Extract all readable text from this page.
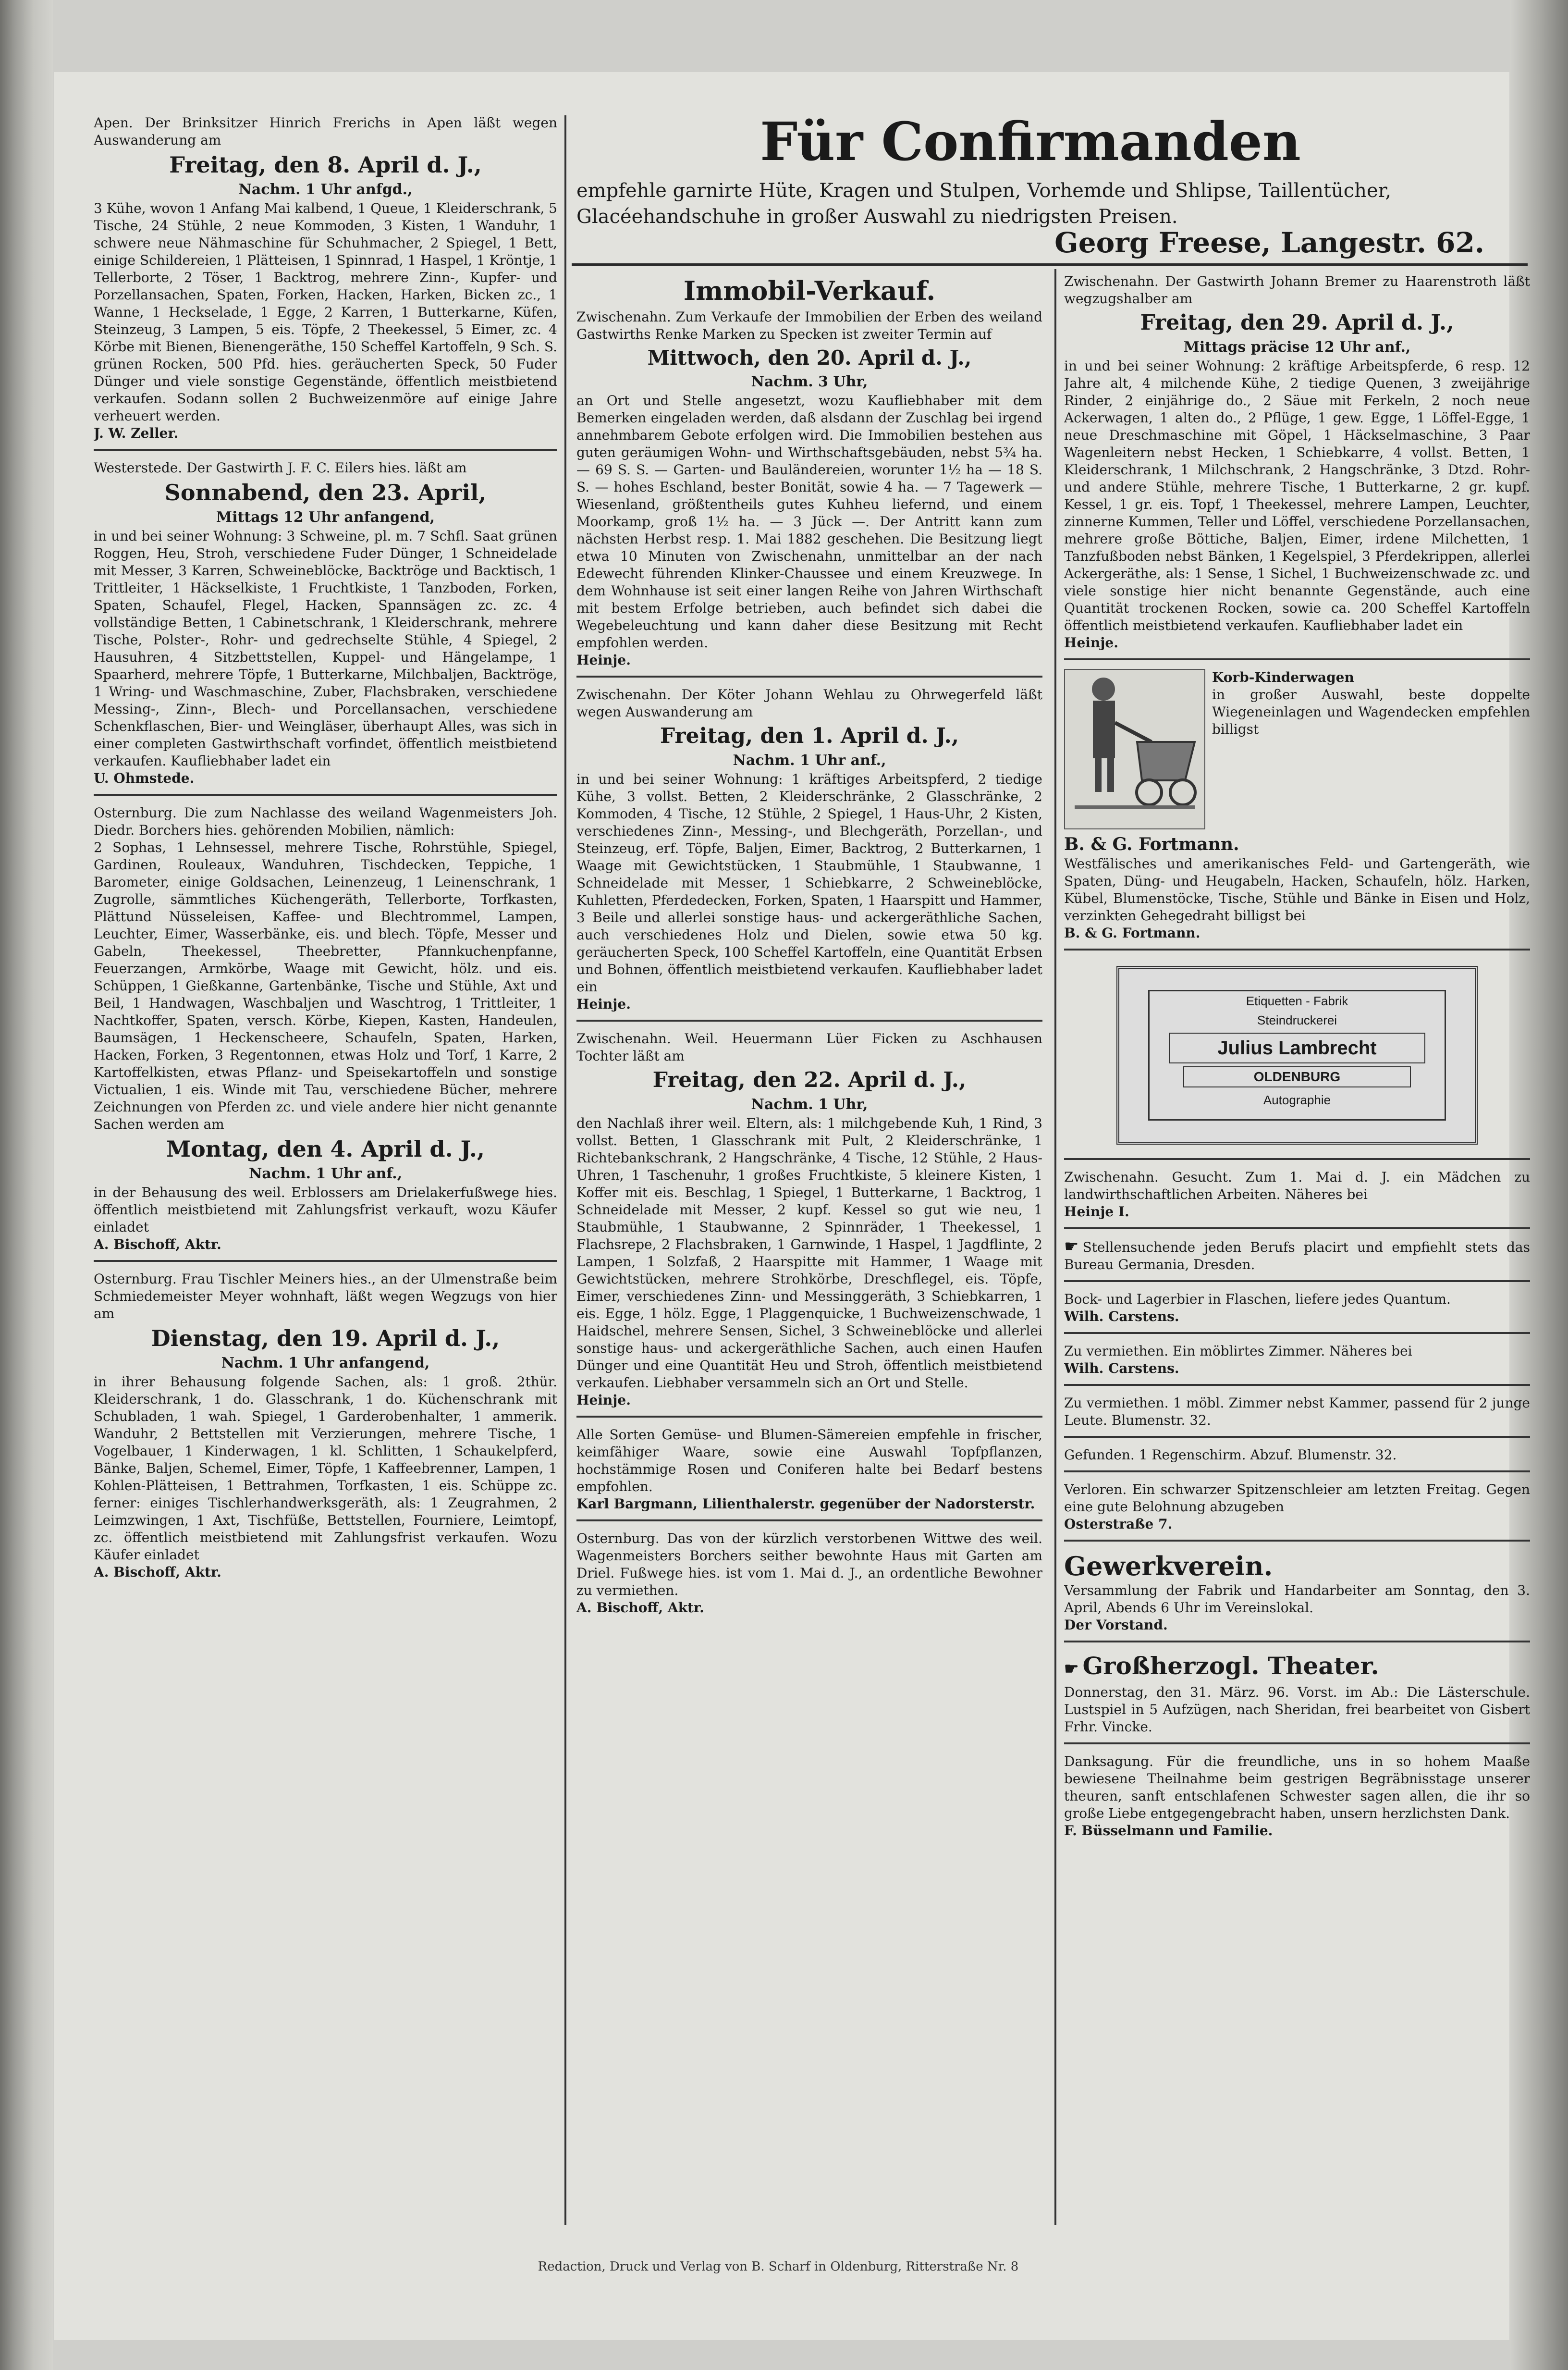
Für Confirmanden

empfehle garnirte Hüte, Kragen und Stulpen, Vorhemde und Shlipse, Taillentücher, Glacéehandschuhe in großer Auswahl zu niedrigsten Preisen.

Georg Freese, Langestr. 62.

Apen. Der Brinksitzer Hinrich Frerichs in Apen läßt wegen Auswanderung am

Freitag, den 8. April d. J.,
Nachm. 1 Uhr anfgd.,

3 Kühe, wovon 1 Anfang Mai kalbend, 1 Queue, 1 Kleiderschrank, 5 Tische, 24 Stühle, 2 neue Kommoden, 3 Kisten, 1 Wanduhr, 1 schwere neue Nähmaschine für Schuhmacher, 2 Spiegel, 1 Bett, einige Schildereien, 1 Plätteisen, 1 Spinnrad, 1 Haspel, 1 Kröntje, 1 Tellerborte, 2 Töser, 1 Backtrog, mehrere Zinn-, Kupfer- und Porzellansachen, Spaten, Forken, Hacken, Harken, Bicken zc., 1 Wanne, 1 Heckselade, 1 Egge, 2 Karren, 1 Butterkarne, Küfen, Steinzeug, 3 Lampen, 5 eis. Töpfe, 2 Theekessel, 5 Eimer, zc. 4 Körbe mit Bienen, Bienengeräthe, 150 Scheffel Kartoffeln, 9 Sch. S. grünen Rocken, 500 Pfd. hies. geräucherten Speck, 50 Fuder Dünger und viele sonstige Gegenstände, öffentlich meistbietend verkaufen. Sodann sollen 2 Buchweizenmöre auf einige Jahre verheuert werden.

J. W. Zeller.

Westerstede. Der Gastwirth J. F. C. Eilers hies. läßt am

Sonnabend, den 23. April,
Mittags 12 Uhr anfangend,

in und bei seiner Wohnung: 3 Schweine, pl. m. 7 Schfl. Saat grünen Roggen, Heu, Stroh, verschiedene Fuder Dünger, 1 Schneidelade mit Messer, 3 Karren, Schweineblöcke, Backtröge und Backtisch, 1 Trittleiter, 1 Häckselkiste, 1 Fruchtkiste, 1 Tanzboden, Forken, Spaten, Schaufel, Flegel, Hacken, Spannsägen zc. zc. 4 vollständige Betten, 1 Cabinetschrank, 1 Kleiderschrank, mehrere Tische, Polster-, Rohr- und gedrechselte Stühle, 4 Spiegel, 2 Hausuhren, 4 Sitzbettstellen, Kuppel- und Hängelampe, 1 Spaarherd, mehrere Töpfe, 1 Butterkarne, Milchbaljen, Backtröge, 1 Wring- und Waschmaschine, Zuber, Flachsbraken, verschiedene Messing-, Zinn-, Blech- und Porcellansachen, verschiedene Schenkflaschen, Bier- und Weingläser, überhaupt Alles, was sich in einer completen Gastwirthschaft vorfindet, öffentlich meistbietend verkaufen. Kaufliebhaber ladet ein

U. Ohmstede.

Osternburg. Die zum Nachlasse des weiland Wagenmeisters Joh. Diedr. Borchers hies. gehörenden Mobilien, nämlich:

2 Sophas, 1 Lehnsessel, mehrere Tische, Rohrstühle, Spiegel, Gardinen, Rouleaux, Wanduhren, Tischdecken, Teppiche, 1 Barometer, einige Goldsachen, Leinenzeug, 1 Leinenschrank, 1 Zugrolle, sämmtliches Küchengeräth, Tellerborte, Torfkasten, Plättund Nüsseleisen, Kaffee- und Blechtrommel, Lampen, Leuchter, Eimer, Wasserbänke, eis. und blech. Töpfe, Messer und Gabeln, Theekessel, Theebretter, Pfannkuchenpfanne, Feuerzangen, Armkörbe, Waage mit Gewicht, hölz. und eis. Schüppen, 1 Gießkanne, Gartenbänke, Tische und Stühle, Axt und Beil, 1 Handwagen, Waschbaljen und Waschtrog, 1 Trittleiter, 1 Nachtkoffer, Spaten, versch. Körbe, Kiepen, Kasten, Handeulen, Baumsägen, 1 Heckenscheere, Schaufeln, Spaten, Harken, Hacken, Forken, 3 Regentonnen, etwas Holz und Torf, 1 Karre, 2 Kartoffelkisten, etwas Pflanz- und Speisekartoffeln und sonstige Victualien, 1 eis. Winde mit Tau, verschiedene Bücher, mehrere Zeichnungen von Pferden zc. und viele andere hier nicht genannte Sachen werden am

Montag, den 4. April d. J.,
Nachm. 1 Uhr anf.,

in der Behausung des weil. Erblossers am Drielakerfußwege hies. öffentlich meistbietend mit Zahlungsfrist verkauft, wozu Käufer einladet

A. Bischoff, Aktr.

Osternburg. Frau Tischler Meiners hies., an der Ulmenstraße beim Schmiedemeister Meyer wohnhaft, läßt wegen Wegzugs von hier am

Dienstag, den 19. April d. J.,
Nachm. 1 Uhr anfangend,

in ihrer Behausung folgende Sachen, als: 1 groß. 2thür. Kleiderschrank, 1 do. Glasschrank, 1 do. Küchenschrank mit Schubladen, 1 wah. Spiegel, 1 Garderobenhalter, 1 ammerik. Wanduhr, 2 Bettstellen mit Verzierungen, mehrere Tische, 1 Vogelbauer, 1 Kinderwagen, 1 kl. Schlitten, 1 Schaukelpferd, Bänke, Baljen, Schemel, Eimer, Töpfe, 1 Kaffeebrenner, Lampen, 1 Kohlen-Plätteisen, 1 Bettrahmen, Torfkasten, 1 eis. Schüppe zc. ferner: einiges Tischlerhandwerksgeräth, als: 1 Zeugrahmen, 2 Leimzwingen, 1 Axt, Tischfüße, Bettstellen, Fourniere, Leimtopf, zc. öffentlich meistbietend mit Zahlungsfrist verkaufen. Wozu Käufer einladet

A. Bischoff, Aktr.

Immobil-Verkauf.

Zwischenahn. Zum Verkaufe der Immobilien der Erben des weiland Gastwirths Renke Marken zu Specken ist zweiter Termin auf

Mittwoch, den 20. April d. J.,
Nachm. 3 Uhr,

an Ort und Stelle angesetzt, wozu Kaufliebhaber mit dem Bemerken eingeladen werden, daß alsdann der Zuschlag bei irgend annehmbarem Gebote erfolgen wird. Die Immobilien bestehen aus guten geräumigen Wohn- und Wirthschaftsgebäuden, nebst 5¾ ha. — 69 S. S. — Garten- und Bauländereien, worunter 1½ ha — 18 S. S. — hohes Eschland, bester Bonität, sowie 4 ha. — 7 Tagewerk — Wiesenland, größtentheils gutes Kuhheu liefernd, und einem Moorkamp, groß 1½ ha. — 3 Jück —. Der Antritt kann zum nächsten Herbst resp. 1. Mai 1882 geschehen. Die Besitzung liegt etwa 10 Minuten von Zwischenahn, unmittelbar an der nach Edewecht führenden Klinker-Chaussee und einem Kreuzwege. In dem Wohnhause ist seit einer langen Reihe von Jahren Wirthschaft mit bestem Erfolge betrieben, auch befindet sich dabei die Wegebeleuchtung und kann daher diese Besitzung mit Recht empfohlen werden.

Heinje.

Zwischenahn. Der Köter Johann Wehlau zu Ohrwegerfeld läßt wegen Auswanderung am

Freitag, den 1. April d. J.,
Nachm. 1 Uhr anf.,

in und bei seiner Wohnung: 1 kräftiges Arbeitspferd, 2 tiedige Kühe, 3 vollst. Betten, 2 Kleiderschränke, 2 Glasschränke, 2 Kommoden, 4 Tische, 12 Stühle, 2 Spiegel, 1 Haus-Uhr, 2 Kisten, verschiedenes Zinn-, Messing-, und Blechgeräth, Porzellan-, und Steinzeug, erf. Töpfe, Baljen, Eimer, Backtrog, 2 Butterkarnen, 1 Waage mit Gewichtstücken, 1 Staubmühle, 1 Staubwanne, 1 Schneidelade mit Messer, 1 Schiebkarre, 2 Schweineblöcke, Kuhletten, Pferdedecken, Forken, Spaten, 1 Haarspitt und Hammer, 3 Beile und allerlei sonstige haus- und ackergeräthliche Sachen, auch verschiedenes Holz und Dielen, sowie etwa 50 kg. geräucherten Speck, 100 Scheffel Kartoffeln, eine Quantität Erbsen und Bohnen, öffentlich meistbietend verkaufen. Kaufliebhaber ladet ein

Heinje.

Zwischenahn. Weil. Heuermann Lüer Ficken zu Aschhausen Tochter läßt am

Freitag, den 22. April d. J.,
Nachm. 1 Uhr,

den Nachlaß ihrer weil. Eltern, als: 1 milchgebende Kuh, 1 Rind, 3 vollst. Betten, 1 Glasschrank mit Pult, 2 Kleiderschränke, 1 Richtebankschrank, 2 Hangschränke, 4 Tische, 12 Stühle, 2 Haus-Uhren, 1 Taschenuhr, 1 großes Fruchtkiste, 5 kleinere Kisten, 1 Koffer mit eis. Beschlag, 1 Spiegel, 1 Butterkarne, 1 Backtrog, 1 Schneidelade mit Messer, 2 kupf. Kessel so gut wie neu, 1 Staubmühle, 1 Staubwanne, 2 Spinnräder, 1 Theekessel, 1 Flachsrepe, 2 Flachsbraken, 1 Garnwinde, 1 Haspel, 1 Jagdflinte, 2 Lampen, 1 Solzfaß, 2 Haarspitte mit Hammer, 1 Waage mit Gewichtstücken, mehrere Strohkörbe, Dreschflegel, eis. Töpfe, Eimer, verschiedenes Zinn- und Messinggeräth, 3 Schiebkarren, 1 eis. Egge, 1 hölz. Egge, 1 Plaggenquicke, 1 Buchweizenschwade, 1 Haidschel, mehrere Sensen, Sichel, 3 Schweineblöcke und allerlei sonstige haus- und ackergeräthliche Sachen, auch einen Haufen Dünger und eine Quantität Heu und Stroh, öffentlich meistbietend verkaufen. Liebhaber versammeln sich an Ort und Stelle.

Heinje.

Alle Sorten Gemüse- und Blumen-Sämereien empfehle in frischer, keimfähiger Waare, sowie eine Auswahl Topfpflanzen, hochstämmige Rosen und Coniferen halte bei Bedarf bestens empfohlen.

Karl Bargmann, Lilienthalerstr. gegenüber der Nadorsterstr.

Osternburg. Das von der kürzlich verstorbenen Wittwe des weil. Wagenmeisters Borchers seither bewohnte Haus mit Garten am Driel. Fußwege hies. ist vom 1. Mai d. J., an ordentliche Bewohner zu vermiethen.

A. Bischoff, Aktr.

Zwischenahn. Der Gastwirth Johann Bremer zu Haarenstroth läßt wegzugshalber am

Freitag, den 29. April d. J.,
Mittags präcise 12 Uhr anf.,

in und bei seiner Wohnung: 2 kräftige Arbeitspferde, 6 resp. 12 Jahre alt, 4 milchende Kühe, 2 tiedige Quenen, 3 zweijährige Rinder, 2 einjährige do., 2 Säue mit Ferkeln, 2 noch neue Ackerwagen, 1 alten do., 2 Pflüge, 1 gew. Egge, 1 Löffel-Egge, 1 neue Dreschmaschine mit Göpel, 1 Häckselmaschine, 3 Paar Wagenleitern nebst Hecken, 1 Schiebkarre, 4 vollst. Betten, 1 Kleiderschrank, 1 Milchschrank, 2 Hangschränke, 3 Dtzd. Rohr- und andere Stühle, mehrere Tische, 1 Butterkarne, 2 gr. kupf. Kessel, 1 gr. eis. Topf, 1 Theekessel, mehrere Lampen, Leuchter, zinnerne Kummen, Teller und Löffel, verschiedene Porzellansachen, mehrere große Böttiche, Baljen, Eimer, irdene Milchetten, 1 Tanzfußboden nebst Bänken, 1 Kegelspiel, 3 Pferdekrippen, allerlei Ackergeräthe, als: 1 Sense, 1 Sichel, 1 Buchweizenschwade zc. und viele sonstige hier nicht benannte Gegenstände, auch eine Quantität trockenen Rocken, sowie ca. 200 Scheffel Kartoffeln öffentlich meistbietend verkaufen. Kaufliebhaber ladet ein

Heinje.

Korb-Kinderwagen

in großer Auswahl, beste doppelte Wiegeneinlagen und Wagendecken empfehlen billigst

B. & G. Fortmann.

Westfälisches und amerikanisches Feld- und Gartengeräth, wie Spaten, Düng- und Heugabeln, Hacken, Schaufeln, hölz. Harken, Kübel, Blumenstöcke, Tische, Stühle und Bänke in Eisen und Holz, verzinkten Gehegedraht billigst bei

B. & G. Fortmann.

Etiquetten - Fabrik
Steindruckerei
Julius Lambrecht
OLDENBURG
Autographie

Zwischenahn. Gesucht. Zum 1. Mai d. J. ein Mädchen zu landwirthschaftlichen Arbeiten. Näheres bei

Heinje I.

☛ Stellensuchende jeden Berufs placirt und empfiehlt stets das Bureau Germania, Dresden.

Bock- und Lagerbier in Flaschen, liefere jedes Quantum.

Wilh. Carstens.

Zu vermiethen. Ein möblirtes Zimmer. Näheres bei

Wilh. Carstens.

Zu vermiethen. 1 möbl. Zimmer nebst Kammer, passend für 2 junge Leute. Blumenstr. 32.

Gefunden. 1 Regenschirm. Abzuf. Blumenstr. 32.

Verloren. Ein schwarzer Spitzenschleier am letzten Freitag. Gegen eine gute Belohnung abzugeben

Osterstraße 7.

Gewerkverein.

Versammlung der Fabrik und Handarbeiter am Sonntag, den 3. April, Abends 6 Uhr im Vereinslokal.

Der Vorstand.

☛ Großherzogl. Theater.

Donnerstag, den 31. März. 96. Vorst. im Ab.: Die Lästerschule. Lustspiel in 5 Aufzügen, nach Sheridan, frei bearbeitet von Gisbert Frhr. Vincke.

Danksagung. Für die freundliche, uns in so hohem Maaße bewiesene Theilnahme beim gestrigen Begräbnisstage unserer theuren, sanft entschlafenen Schwester sagen allen, die ihr so große Liebe entgegengebracht haben, unsern herzlichsten Dank.

F. Büsselmann und Familie.

Redaction, Druck und Verlag von B. Scharf in Oldenburg, Ritterstraße Nr. 8
